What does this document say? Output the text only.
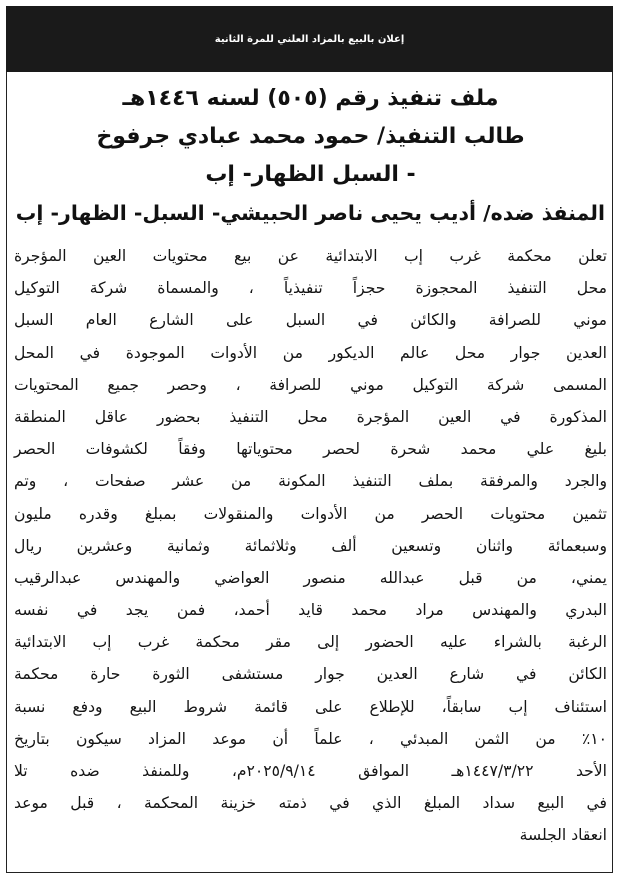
إعلان بالبيع بالمزاد العلني للمرة الثانية
ملف تنفيذ رقم (٥٠٥) لسنه ١٤٤٦هـ
طالب التنفيذ/ حمود محمد عبادي جرفوخ
- السبل الظهار- إب
المنفذ ضده/ أديب يحيى ناصر الحبيشي- السبل- الظهار- إب
تعلن محكمة غرب إب الابتدائية عن بيع محتويات العين المؤجرة
محل التنفيذ المحجوزة حجزاً تنفيذياً ، والمسماة شركة التوكيل
موني للصرافة والكائن في السبل على الشارع العام السبل
العدين جوار محل عالم الديكور من الأدوات الموجودة في المحل
المسمى شركة التوكيل موني للصرافة ، وحصر جميع المحتويات
المذكورة في العين المؤجرة محل التنفيذ بحضور عاقل المنطقة
بليغ علي محمد شحرة لحصر محتوياتها وفقاً لكشوفات الحصر
والجرد والمرفقة بملف التنفيذ المكونة من عشر صفحات ، وتم
تثمين محتويات الحصر من الأدوات والمنقولات بمبلغ وقدره مليون
وسبعمائة واثنان وتسعين ألف وثلاثمائة وثمانية وعشرين ريال
يمني، من قبل عبدالله منصور العواضي والمهندس عبدالرقيب
البدري والمهندس مراد محمد قايد أحمد، فمن يجد في نفسه
الرغبة بالشراء عليه الحضور إلى مقر محكمة غرب إب الابتدائية
الكائن في شارع العدين جوار مستشفى الثورة حارة محكمة
استئناف إب سابقاً، للإطلاع على قائمة شروط البيع ودفع نسبة
١٠٪ من الثمن المبدئي ، علماً أن موعد المزاد سيكون بتاريخ
الأحد ١٤٤٧/٣/٢٢هـ الموافق ٢٠٢٥/٩/١٤م، وللمنفذ ضده تلا
في البيع سداد المبلغ الذي في ذمته خزينة المحكمة ، قبل موعد
انعقاد الجلسة
